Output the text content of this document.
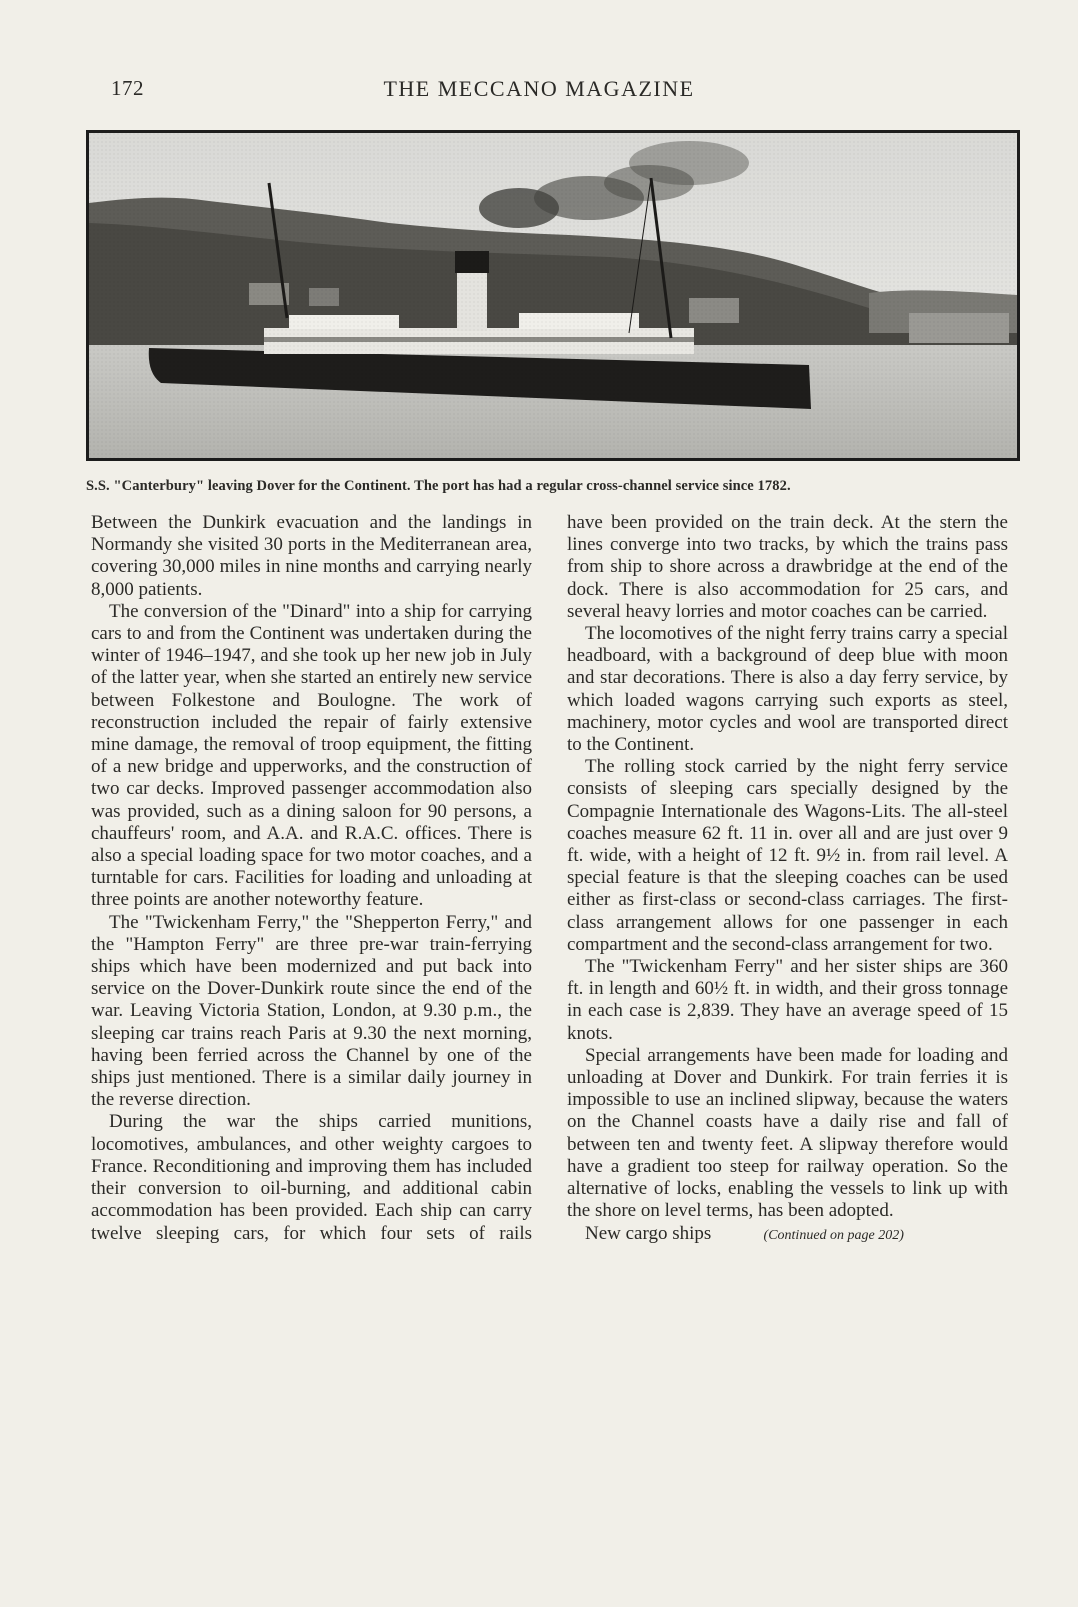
172	THE MECCANO MAGAZINE
S.S. "Canterbury" leaving Dover for the Continent. The port has had a regular cross-channel service since 1782.

Between the Dunkirk evacuation and the landings in Normandy she visited 30 ports in the Mediterranean area, covering 30,000 miles in nine months and carrying nearly 8,000 patients.

The conversion of the "Dinard" into a ship for carrying cars to and from the Continent was undertaken during the winter of 1946–1947, and she took up her new job in July of the latter year, when she started an entirely new service between Folkestone and Boulogne. The work of reconstruction included the repair of fairly extensive mine damage, the removal of troop equipment, the fitting of a new bridge and upperworks, and the construction of two car decks. Improved passenger accommodation also was provided, such as a dining saloon for 90 persons, a chauffeurs' room, and A.A. and R.A.C. offices. There is also a special loading space for two motor coaches, and a turntable for cars. Facilities for loading and unloading at three points are another noteworthy feature.

The "Twickenham Ferry," the "Shepperton Ferry," and the "Hampton Ferry" are three pre-war train-ferrying ships which have been modernized and put back into service on the Dover-Dunkirk route since the end of the war. Leaving Victoria Station, London, at 9.30 p.m., the sleeping car trains reach Paris at 9.30 the next morning, having been ferried across the Channel by one of the ships just mentioned. There is a similar daily journey in the reverse direction.

During the war the ships carried munitions, locomotives, ambulances, and other weighty cargoes to France. Reconditioning and improving them has included their conversion to oil-burning, and additional cabin accommodation has been provided. Each ship can carry twelve sleeping cars, for which four sets of rails

have been provided on the train deck. At the stern the lines converge into two tracks, by which the trains pass from ship to shore across a drawbridge at the end of the dock. There is also accommodation for 25 cars, and several heavy lorries and motor coaches can be carried.

The locomotives of the night ferry trains carry a special headboard, with a background of deep blue with moon and star decorations. There is also a day ferry service, by which loaded wagons carrying such exports as steel, machinery, motor cycles and wool are transported direct to the Continent.

The rolling stock carried by the night ferry service consists of sleeping cars specially designed by the Compagnie Internationale des Wagons-Lits. The all-steel coaches measure 62 ft. 11 in. over all and are just over 9 ft. wide, with a height of 12 ft. 9½ in. from rail level. A special feature is that the sleeping coaches can be used either as first-class or second-class carriages. The first-class arrangement allows for one passenger in each compartment and the second-class arrangement for two.

The "Twickenham Ferry" and her sister ships are 360 ft. in length and 60½ ft. in width, and their gross tonnage in each case is 2,839. They have an average speed of 15 knots.

Special arrangements have been made for loading and unloading at Dover and Dunkirk. For train ferries it is impossible to use an inclined slipway, because the waters on the Channel coasts have a daily rise and fall of between ten and twenty feet. A slipway therefore would have a gradient too steep for railway operation. So the alternative of locks, enabling the vessels to link up with the shore on level terms, has been adopted.

New cargo ships	(Continued on page 202)
